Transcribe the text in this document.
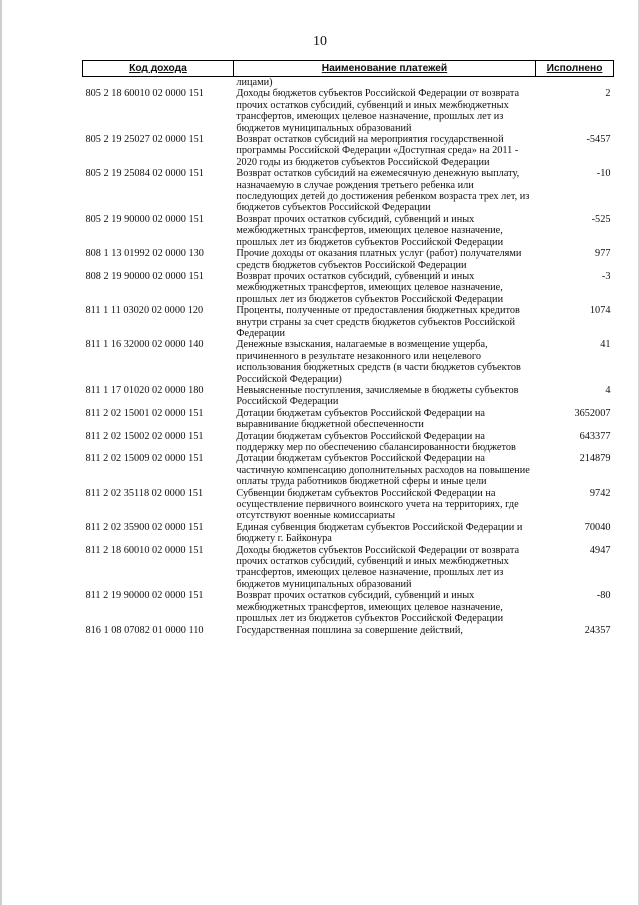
10
Код дохода	Наименование платежей	Исполнено
	лицами)	
805 2 18 60010 02 0000 151	Доходы бюджетов субъектов Российской Федерации от возврата прочих остатков субсидий, субвенций и иных межбюджетных трансфертов, имеющих целевое назначение, прошлых лет из бюджетов муниципальных образований	2
805 2 19 25027 02 0000 151	Возврат остатков субсидий на мероприятия государственной программы Российской Федерации «Доступная среда» на 2011 - 2020 годы из бюджетов субъектов Российской Федерации	-5457
805 2 19 25084 02 0000 151	Возврат остатков субсидий на ежемесячную денежную выплату, назначаемую в случае рождения третьего ребенка или последующих детей до достижения ребенком возраста трех лет, из бюджетов субъектов Российской Федерации	-10
805 2 19 90000 02 0000 151	Возврат прочих остатков субсидий, субвенций и иных межбюджетных трансфертов, имеющих целевое назначение, прошлых лет из бюджетов субъектов Российской Федерации	-525
808 1 13 01992 02 0000 130	Прочие доходы от оказания платных услуг (работ) получателями средств бюджетов субъектов Российской Федерации	977
808 2 19 90000 02 0000 151	Возврат прочих остатков субсидий, субвенций и иных межбюджетных трансфертов, имеющих целевое назначение, прошлых лет из бюджетов субъектов Российской Федерации	-3
811 1 11 03020 02 0000 120	Проценты, полученные от предоставления бюджетных кредитов внутри страны за счет средств бюджетов субъектов Российской Федерации	1074
811 1 16 32000 02 0000 140	Денежные взыскания, налагаемые в возмещение ущерба, причиненного в результате незаконного или нецелевого использования бюджетных средств (в части бюджетов субъектов Российской Федерации)	41
811 1 17 01020 02 0000 180	Невыясненные поступления, зачисляемые в бюджеты субъектов Российской Федерации	4
811 2 02 15001 02 0000 151	Дотации бюджетам субъектов Российской Федерации на выравнивание бюджетной обеспеченности	3652007
811 2 02 15002 02 0000 151	Дотации бюджетам субъектов Российской Федерации на поддержку мер по обеспечению сбалансированности бюджетов	643377
811 2 02 15009 02 0000 151	Дотации бюджетам субъектов Российской Федерации на частичную компенсацию дополнительных расходов на повышение оплаты труда работников бюджетной сферы и иные цели	214879
811 2 02 35118 02 0000 151	Субвенции бюджетам субъектов Российской Федерации на осуществление первичного воинского учета на территориях, где отсутствуют военные комиссариаты	9742
811 2 02 35900 02 0000 151	Единая субвенция бюджетам субъектов Российской Федерации и бюджету г. Байконура	70040
811 2 18 60010 02 0000 151	Доходы бюджетов субъектов Российской Федерации от возврата прочих остатков субсидий, субвенций и иных межбюджетных трансфертов, имеющих целевое назначение, прошлых лет из бюджетов муниципальных образований	4947
811 2 19 90000 02 0000 151	Возврат прочих остатков субсидий, субвенций и иных межбюджетных трансфертов, имеющих целевое назначение, прошлых лет из бюджетов субъектов Российской Федерации	-80
816 1 08 07082 01 0000 110	Государственная пошлина за совершение действий,	24357
